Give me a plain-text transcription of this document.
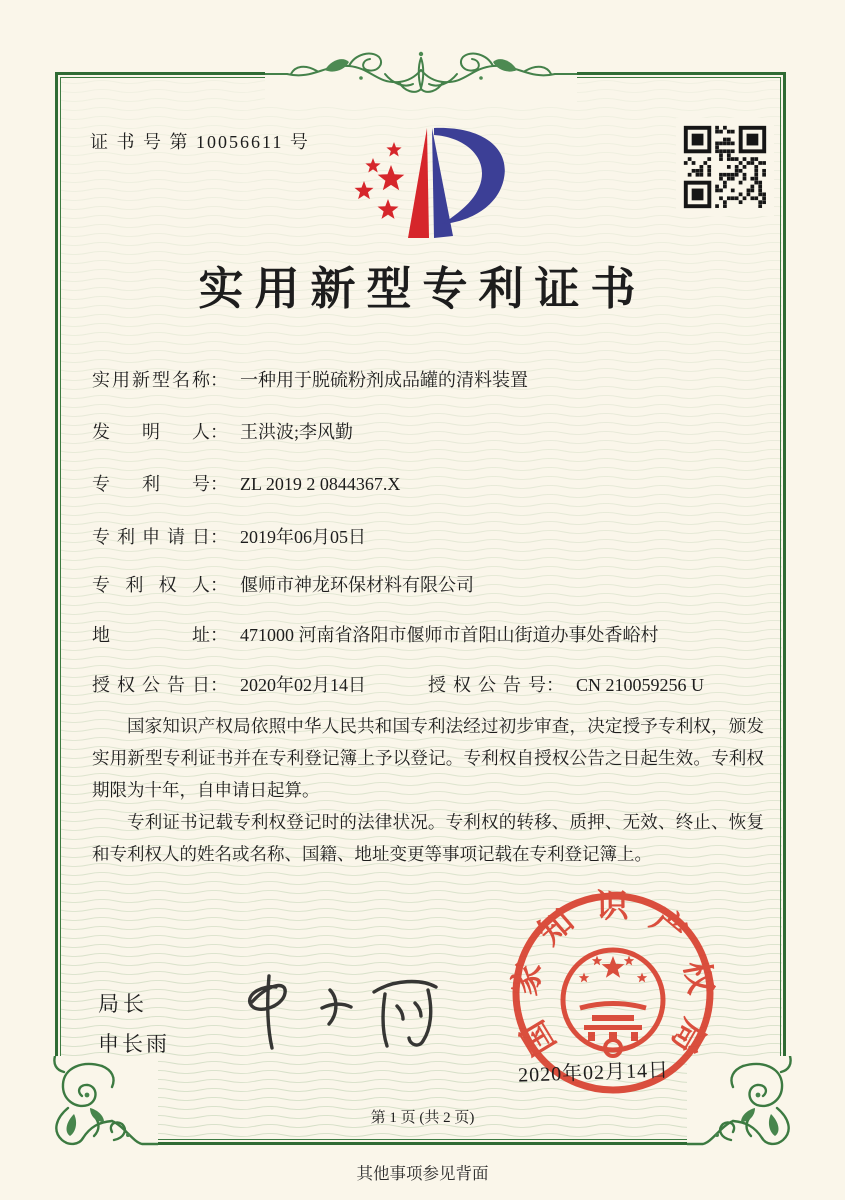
证 书 号 第 10056611 号
实用新型专利证书
实用新型名称： 一种用于脱硫粉剂成品罐的清料装置
发明人： 王洪波;李风勤
专利号： ZL 2019 2 0844367.X
专利申请日： 2019年06月05日
专利权人： 偃师市神龙环保材料有限公司
地址： 471000 河南省洛阳市偃师市首阳山街道办事处香峪村
授权公告日： 2020年02月14日	授权公告号： CN 210059256 U

国家知识产权局依照中华人民共和国专利法经过初步审查，决定授予专利权，颁发实用新型专利证书并在专利登记簿上予以登记。专利权自授权公告之日起生效。专利权期限为十年，自申请日起算。

专利证书记载专利权登记时的法律状况。专利权的转移、质押、无效、终止、恢复和专利权人的姓名或名称、国籍、地址变更等事项记载在专利登记簿上。

局长
申长雨	国家知识产权局
2020年02月14日
第 1 页 (共 2 页)
其他事项参见背面
